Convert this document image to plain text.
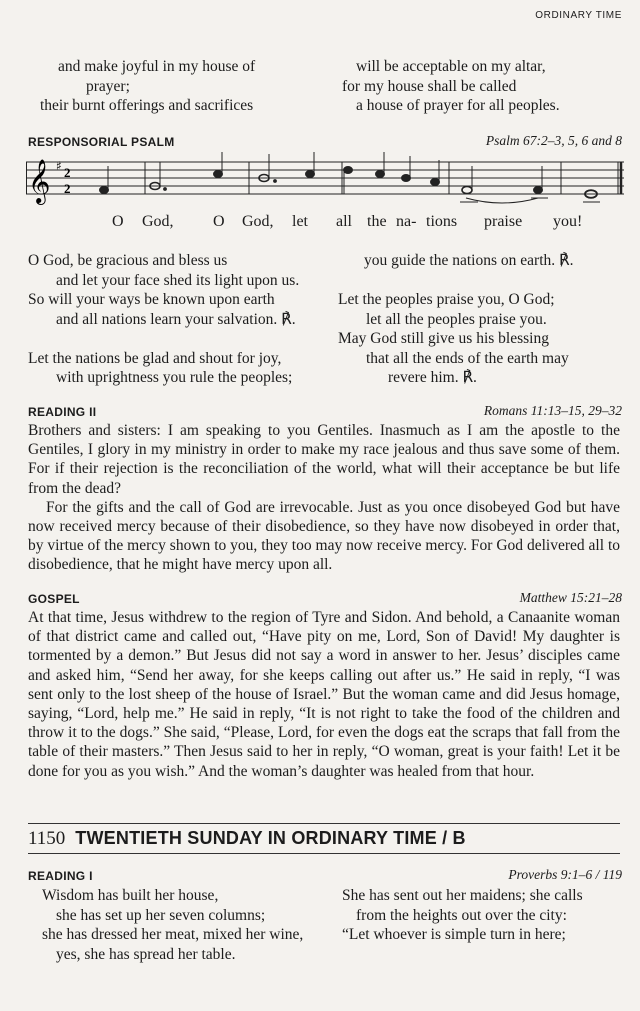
ORDINARY TIME
and make joyful in my house of
prayer;
their burnt offerings and sacrifices
will be acceptable on my altar,
for my house shall be called
a house of prayer for all peoples.
RESPONSORIAL PSALM	Psalm 67:2–3, 5, 6 and 8
𝄞 ♯ 2
2
O God, O God, let all the na- tions praise you!
O God, be gracious and bless us
and let your face shed its light upon us.
So will your ways be known upon earth
and all nations learn your salvation. ℟.
Let the nations be glad and shout for joy,
with uprightness you rule the peoples;
you guide the nations on earth. ℟.
Let the peoples praise you, O God;
let all the peoples praise you.
May God still give us his blessing
that all the ends of the earth may
revere him. ℟.
READING II	Romans 11:13–15, 29–32

Brothers and sisters: I am speaking to you Gentiles. Inasmuch as I am the apostle to the Gentiles, I glory in my ministry in order to make my race jealous and thus save some of them. For if their rejection is the reconciliation of the world, what will their acceptance be but life from the dead?

For the gifts and the call of God are irrevocable. Just as you once disobeyed God but have now received mercy because of their disobedience, so they have now disobeyed in order that, by virtue of the mercy shown to you, they too may now receive mercy. For God delivered all to disobedience, that he might have mercy upon all.

GOSPEL	Matthew 15:21–28

At that time, Jesus withdrew to the region of Tyre and Sidon. And behold, a Canaanite woman of that district came and called out, “Have pity on me, Lord, Son of David! My daughter is tormented by a demon.” But Jesus did not say a word in answer to her. Jesus’ disciples came and asked him, “Send her away, for she keeps calling out after us.” He said in reply, “I was sent only to the lost sheep of the house of Israel.” But the woman came and did Jesus homage, saying, “Lord, help me.” He said in reply, “It is not right to take the food of the children and throw it to the dogs.” She said, “Please, Lord, for even the dogs eat the scraps that fall from the table of their masters.” Then Jesus said to her in reply, “O woman, great is your faith! Let it be done for you as you wish.” And the woman’s daughter was healed from that hour.

1150 TWENTIETH SUNDAY IN ORDINARY TIME / B
READING I	Proverbs 9:1–6 / 119
Wisdom has built her house,
she has set up her seven columns;
she has dressed her meat, mixed her wine,
yes, she has spread her table.
She has sent out her maidens; she calls
from the heights out over the city:
“Let whoever is simple turn in here;
